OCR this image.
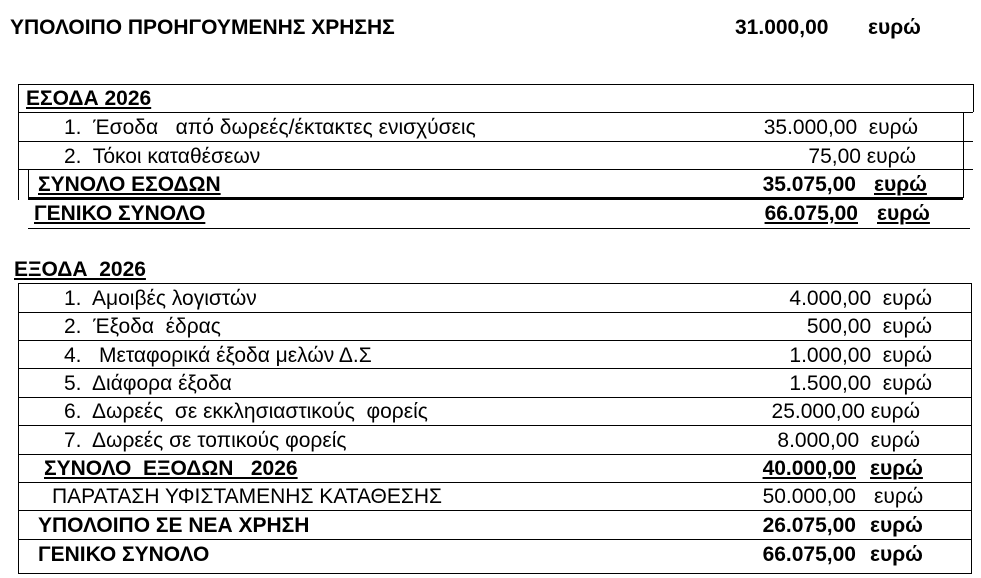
ΥΠΟΛΟΙΠΟ ΠΡΟΗΓΟΥΜΕΝΗΣ ΧΡΗΣΗΣ	31.000,00 ευρώ
ΕΣΟΔΑ 2026
1.  Έσοδα   από δωρεές/έκτακτες ενισχύσεις	35.000,00  ευρώ
2.  Τόκοι καταθέσεων	75,00 ευρώ
ΣΥΝΟΛΟ ΕΣΟΔΩΝ	35.075,00 ευρώ
ΓΕΝΙΚΟ ΣΥΝΟΛΟ	66.075,00 ευρώ
ΕΞΟΔΑ  2026
1.  Αμοιβές λογιστών	4.000,00  ευρώ
2.  Έξοδα  έδρας	500,00  ευρώ
4.   Μεταφορικά έξοδα μελών Δ.Σ	1.000,00  ευρώ
5.  Διάφορα έξοδα	1.500,00  ευρώ
6.  Δωρεές  σε εκκλησιαστικούς  φορείς	25.000,00 ευρώ
7.  Δωρεές σε τοπικούς φορείς	8.000,00  ευρώ
ΣΥΝΟΛΟ  ΕΞΟΔΩΝ   2026	40.000,00 ευρώ
ΠΑΡΑΤΑΣΗ ΥΦΙΣΤΑΜΕΝΗΣ ΚΑΤΑΘΕΣΗΣ	50.000,00 ευρώ
ΥΠΟΛΟΙΠΟ ΣΕ ΝΕΑ ΧΡΗΣΗ	26.075,00 ευρώ
ΓΕΝΙΚΟ ΣΥΝΟΛΟ	66.075,00 ευρώ
